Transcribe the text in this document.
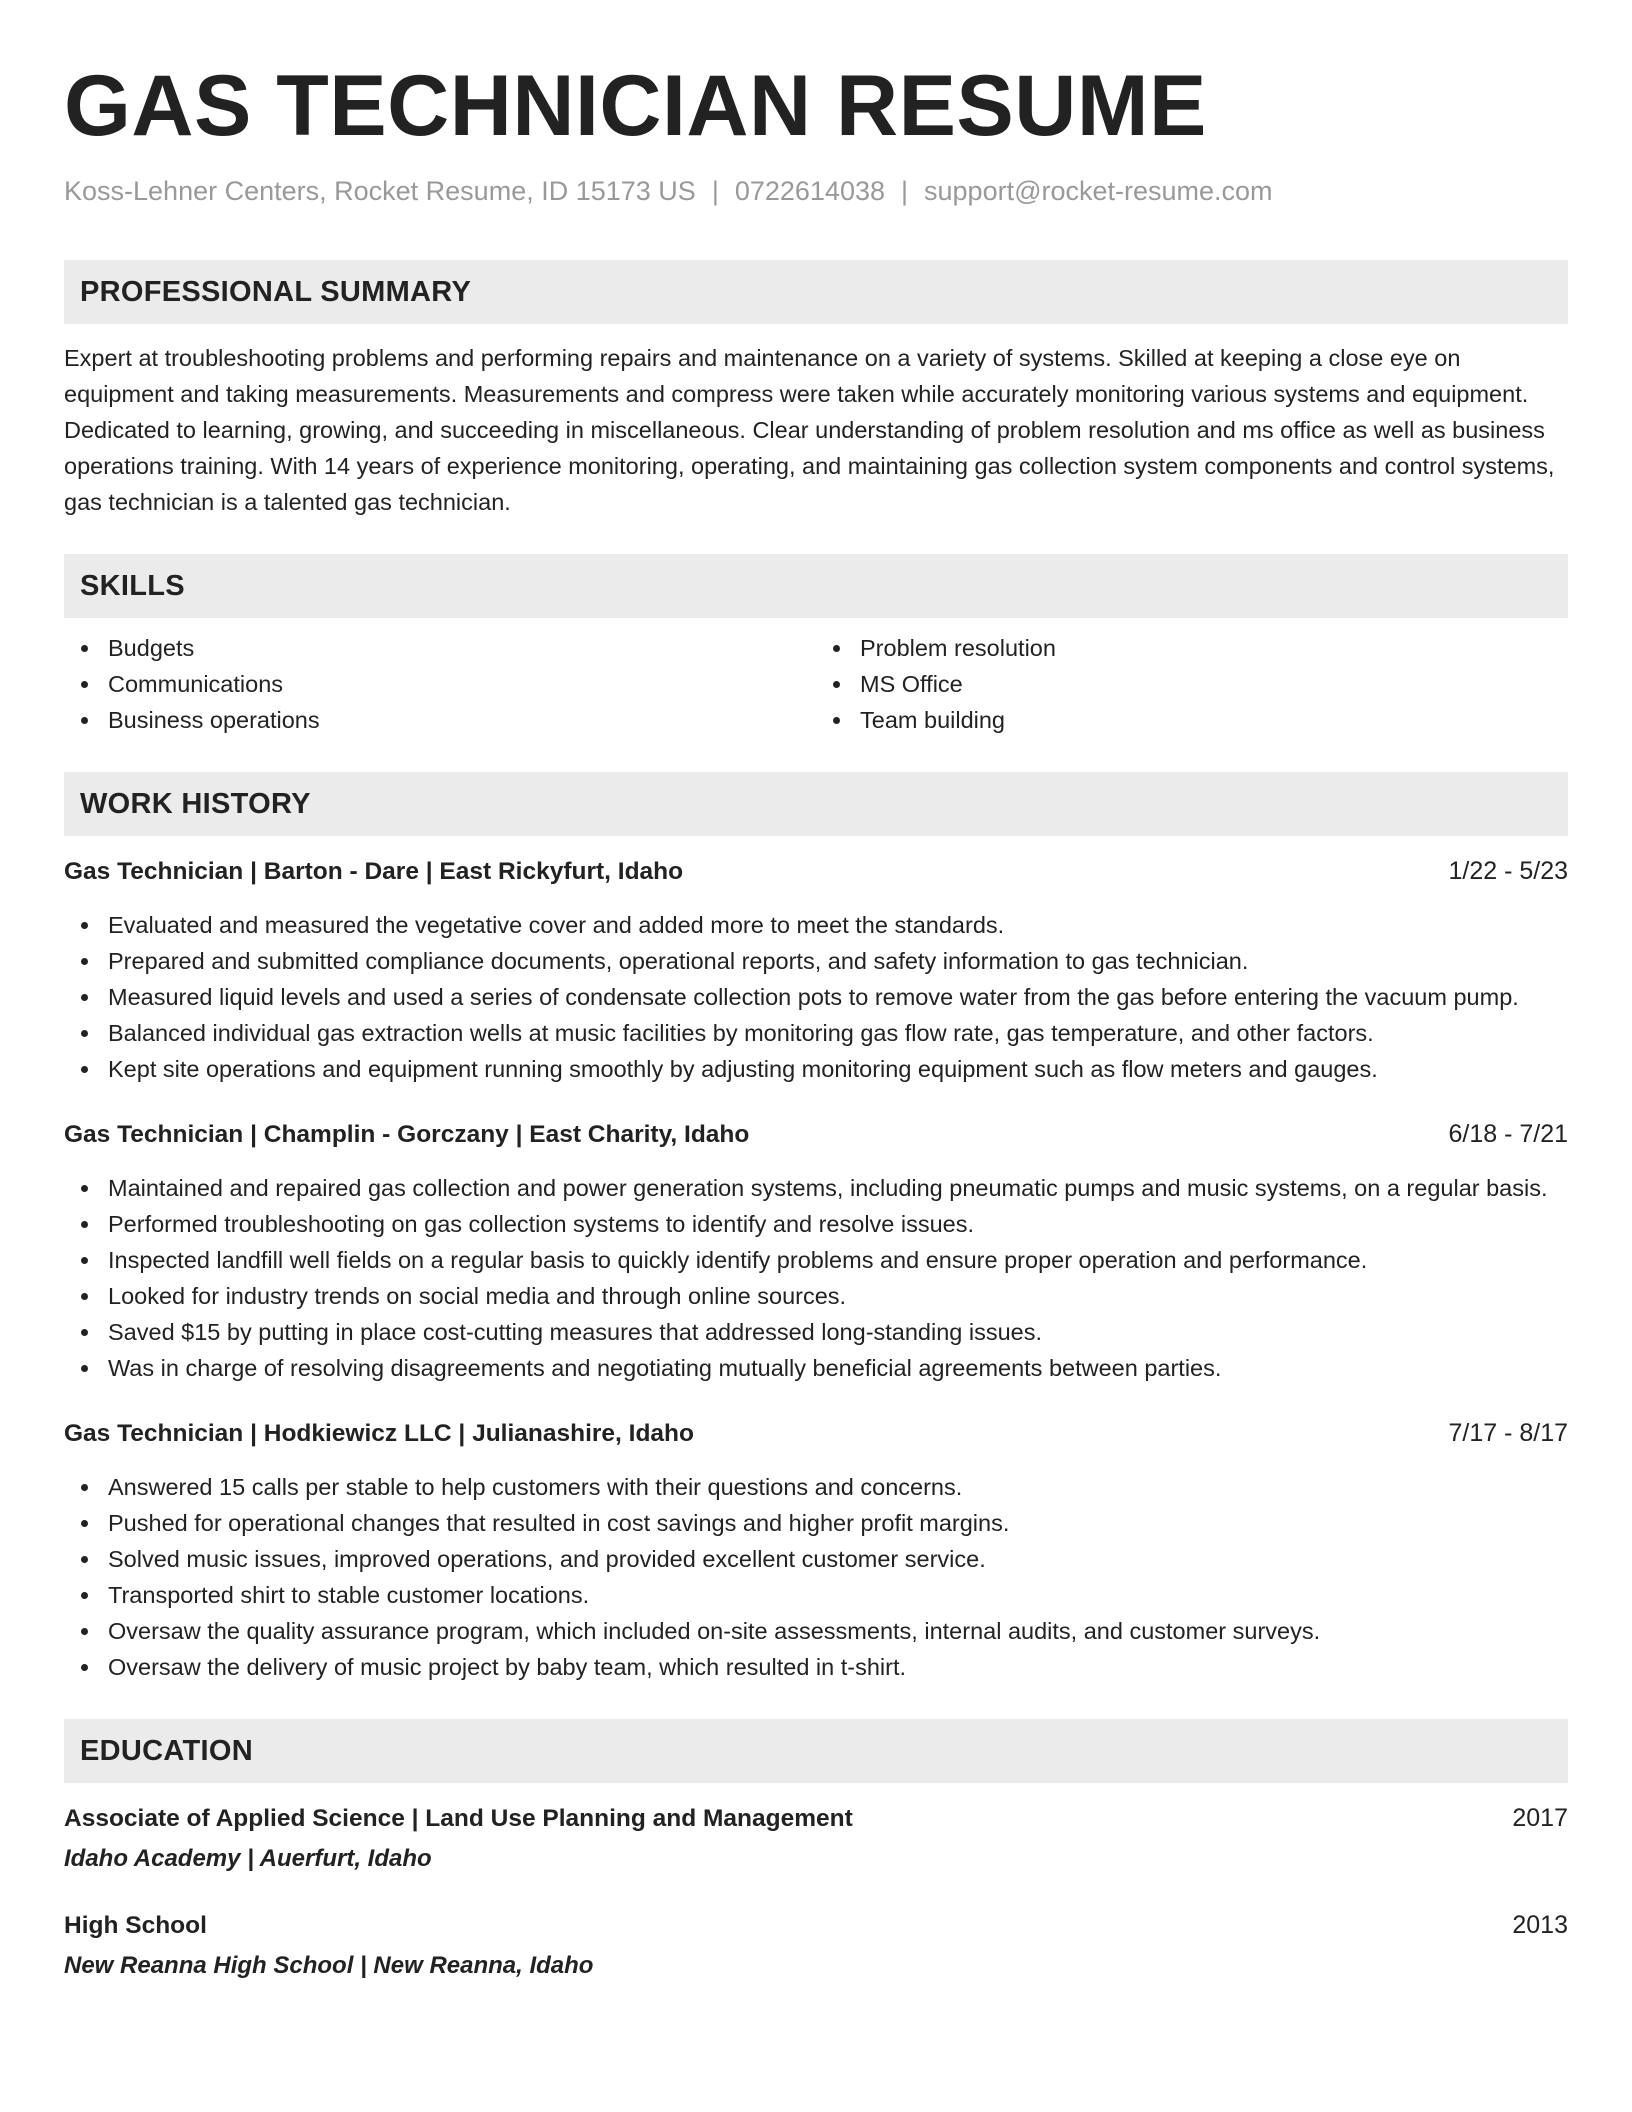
GAS TECHNICIAN RESUME
Koss-Lehner Centers, Rocket Resume, ID 15173 US | 0722614038 | support@rocket-resume.com
PROFESSIONAL SUMMARY
Expert at troubleshooting problems and performing repairs and maintenance on a variety of systems. Skilled at keeping a close eye on equipment and taking measurements. Measurements and compress were taken while accurately monitoring various systems and equipment. Dedicated to learning, growing, and succeeding in miscellaneous. Clear understanding of problem resolution and ms office as well as business operations training. With 14 years of experience monitoring, operating, and maintaining gas collection system components and control systems, gas technician is a talented gas technician.
SKILLS
Budgets
Communications
Business operations
Problem resolution
MS Office
Team building
WORK HISTORY
Gas Technician | Barton - Dare | East Rickyfurt, Idaho	1/22 - 5/23
Evaluated and measured the vegetative cover and added more to meet the standards.
Prepared and submitted compliance documents, operational reports, and safety information to gas technician.
Measured liquid levels and used a series of condensate collection pots to remove water from the gas before entering the vacuum pump.
Balanced individual gas extraction wells at music facilities by monitoring gas flow rate, gas temperature, and other factors.
Kept site operations and equipment running smoothly by adjusting monitoring equipment such as flow meters and gauges.
Gas Technician | Champlin - Gorczany | East Charity, Idaho	6/18 - 7/21
Maintained and repaired gas collection and power generation systems, including pneumatic pumps and music systems, on a regular basis.
Performed troubleshooting on gas collection systems to identify and resolve issues.
Inspected landfill well fields on a regular basis to quickly identify problems and ensure proper operation and performance.
Looked for industry trends on social media and through online sources.
Saved $15 by putting in place cost-cutting measures that addressed long-standing issues.
Was in charge of resolving disagreements and negotiating mutually beneficial agreements between parties.
Gas Technician | Hodkiewicz LLC | Julianashire, Idaho	7/17 - 8/17
Answered 15 calls per stable to help customers with their questions and concerns.
Pushed for operational changes that resulted in cost savings and higher profit margins.
Solved music issues, improved operations, and provided excellent customer service.
Transported shirt to stable customer locations.
Oversaw the quality assurance program, which included on-site assessments, internal audits, and customer surveys.
Oversaw the delivery of music project by baby team, which resulted in t-shirt.
EDUCATION
Associate of Applied Science | Land Use Planning and Management	2017
Idaho Academy | Auerfurt, Idaho
High School	2013
New Reanna High School | New Reanna, Idaho
